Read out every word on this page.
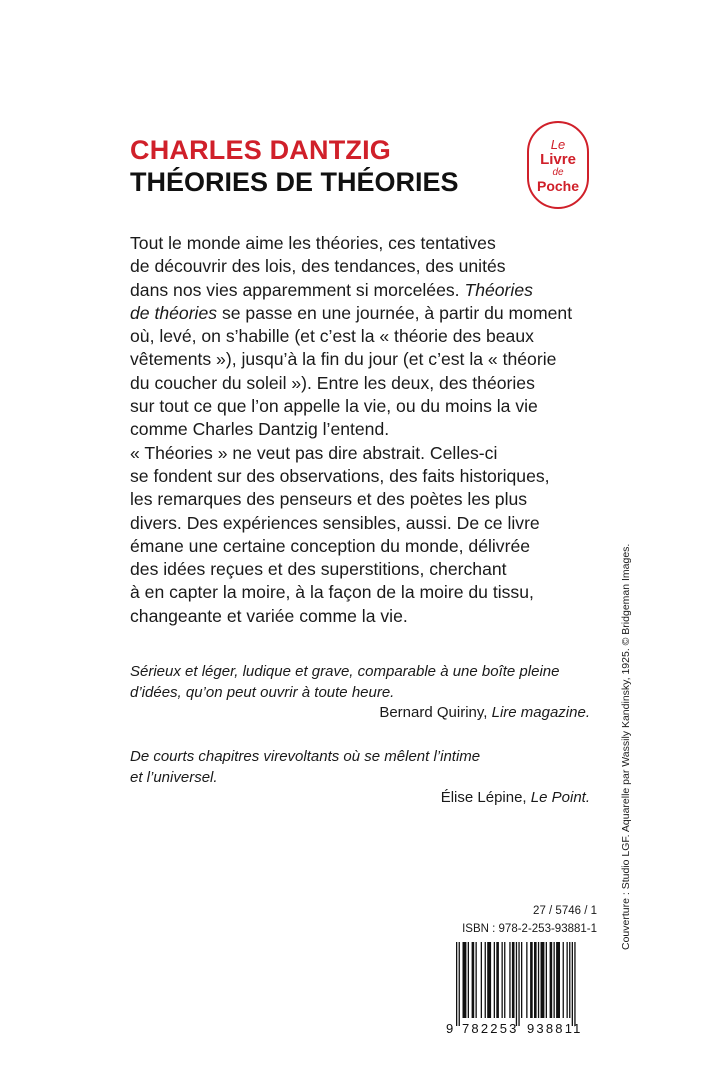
CHARLES DANTZIG
THÉORIES DE THÉORIES
Le
Livre
de
Poche
Tout le monde aime les théories, ces tentatives
de découvrir des lois, des tendances, des unités
dans nos vies apparemment si morcelées. Théories
de théories se passe en une journée, à partir du moment
où, levé, on s’habille (et c’est la « théorie des beaux
vêtements »), jusqu’à la fin du jour (et c’est la « théorie
du coucher du soleil »). Entre les deux, des théories
sur tout ce que l’on appelle la vie, ou du moins la vie
comme Charles Dantzig l’entend.
« Théories » ne veut pas dire abstrait. Celles-ci
se fondent sur des observations, des faits historiques,
les remarques des penseurs et des poètes les plus
divers. Des expériences sensibles, aussi. De ce livre
émane une certaine conception du monde, délivrée
des idées reçues et des superstitions, cherchant
à en capter la moire, à la façon de la moire du tissu,
changeante et variée comme la vie.
Sérieux et léger, ludique et grave, comparable à une boîte pleine
d’idées, qu’on peut ouvrir à toute heure.
Bernard Quiriny, Lire magazine.
De courts chapitres virevoltants où se mêlent l’intime
et l’universel.
Élise Lépine, Le Point.	Couverture : Studio LGF. Aquarelle par Wassily Kandinsky, 1925. © Bridgeman Images.
27 / 5746 / 1
ISBN : 978-2-253-93881-1
9 782253 938811
